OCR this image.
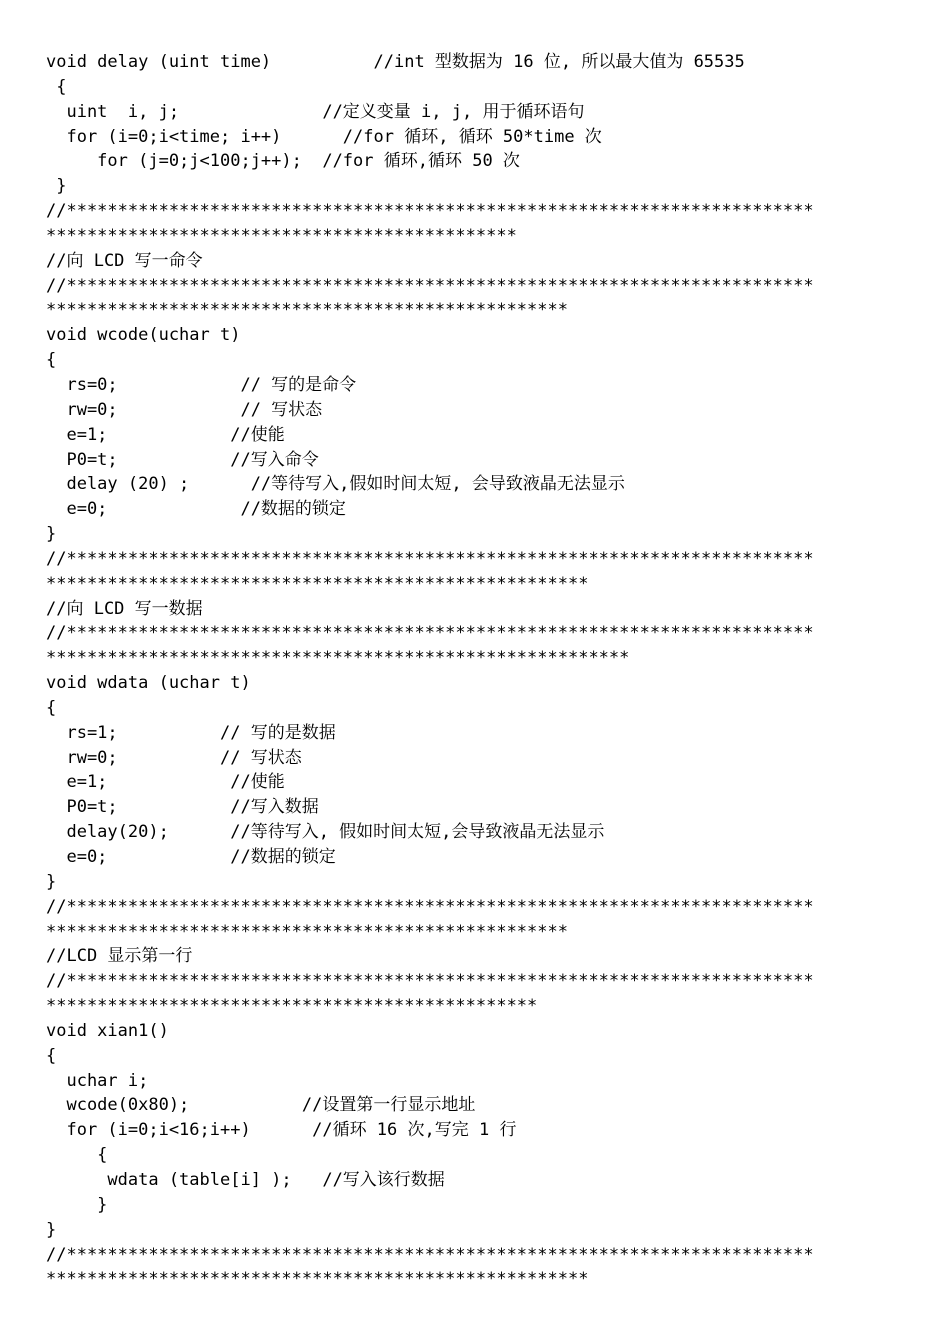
void delay (uint time)          //int 型数据为 16 位, 所以最大值为 65535
{
uint  i, j;              //定义变量 i, j, 用于循环语句
for (i=0;i<time; i++)      //for 循环, 循环 50*time 次
for (j=0;j<100;j++);  //for 循环,循环 50 次
}
//*************************************************************************
**********************************************
//向 LCD 写一命令
//*************************************************************************
***************************************************
void wcode(uchar t)
{
rs=0;            // 写的是命令
rw=0;            // 写状态
e=1;            //使能
P0=t;           //写入命令
delay (20) ;      //等待写入,假如时间太短, 会导致液晶无法显示
e=0;             //数据的锁定
}
//*************************************************************************
*****************************************************
//向 LCD 写一数据
//*************************************************************************
*********************************************************
void wdata (uchar t)
{
rs=1;          // 写的是数据
rw=0;          // 写状态
e=1;            //使能
P0=t;           //写入数据
delay(20);      //等待写入, 假如时间太短,会导致液晶无法显示
e=0;            //数据的锁定
}
//*************************************************************************
***************************************************
//LCD 显示第一行
//*************************************************************************
************************************************
void xian1()
{
uchar i;
wcode(0x80);           //设置第一行显示地址
for (i=0;i<16;i++)      //循环 16 次,写完 1 行
{
wdata (table[i] );   //写入该行数据
}
}
//*************************************************************************
*****************************************************
